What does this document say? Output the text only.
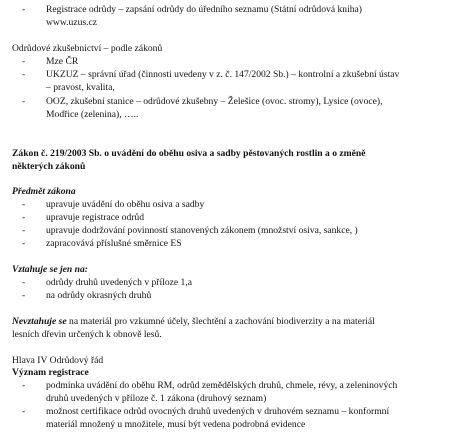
- Registrace odrůdy – zapsání odrůdy do úředního seznamu (Státní odrůdová kniha)
www.uzus.cz
Odrůdové zkušebnictví – podle zákonů
- Mze ČR
- UKZUZ – správní úřad (činnosti uvedeny v z. č. 147/2002 Sb.) – kontrolní a zkušební ústav
– pravost, kvalita,
- OOZ, zkušební stanice – odrůdové zkušebny – Želešice (ovoc. stromy), Lysice (ovoce),
Modřice (zelenina), …..
Zákon č. 219/2003 Sb. o uvádění do oběhu osiva a sadby pěstovaných rostlin a o změně
některých zákonů
Předmět zákona
- upravuje uvádění do oběhu osiva a sadby
- upravuje registrace odrůd
- upravuje dodržování povinností stanovených zákonem (množství osiva, sankce, )
- zapracovává příslušné směrnice ES
Vztahuje se jen na:
- odrůdy druhů uvedených v příloze 1,a
- na odrůdy okrasných druhů
Nevztahuje se na materiál pro vzkumné účely, šlechtění a zachování biodiverzity a na materiál
lesních dřevin určených k obnově lesů.
Hlava IV Odrůdový řád
Význam registrace
- podmínka uvádění do oběhu RM, odrůd zemědělských druhů, chmele, révy, a zeleninových
druhů uvedených v příloze č. 1 zákona (druhový seznam)
- možnost certifikace odrůd ovocných druhů uvedených v druhovém seznamu – konformní
materiál množený u množitele, musí být vedena podrobná evidence
